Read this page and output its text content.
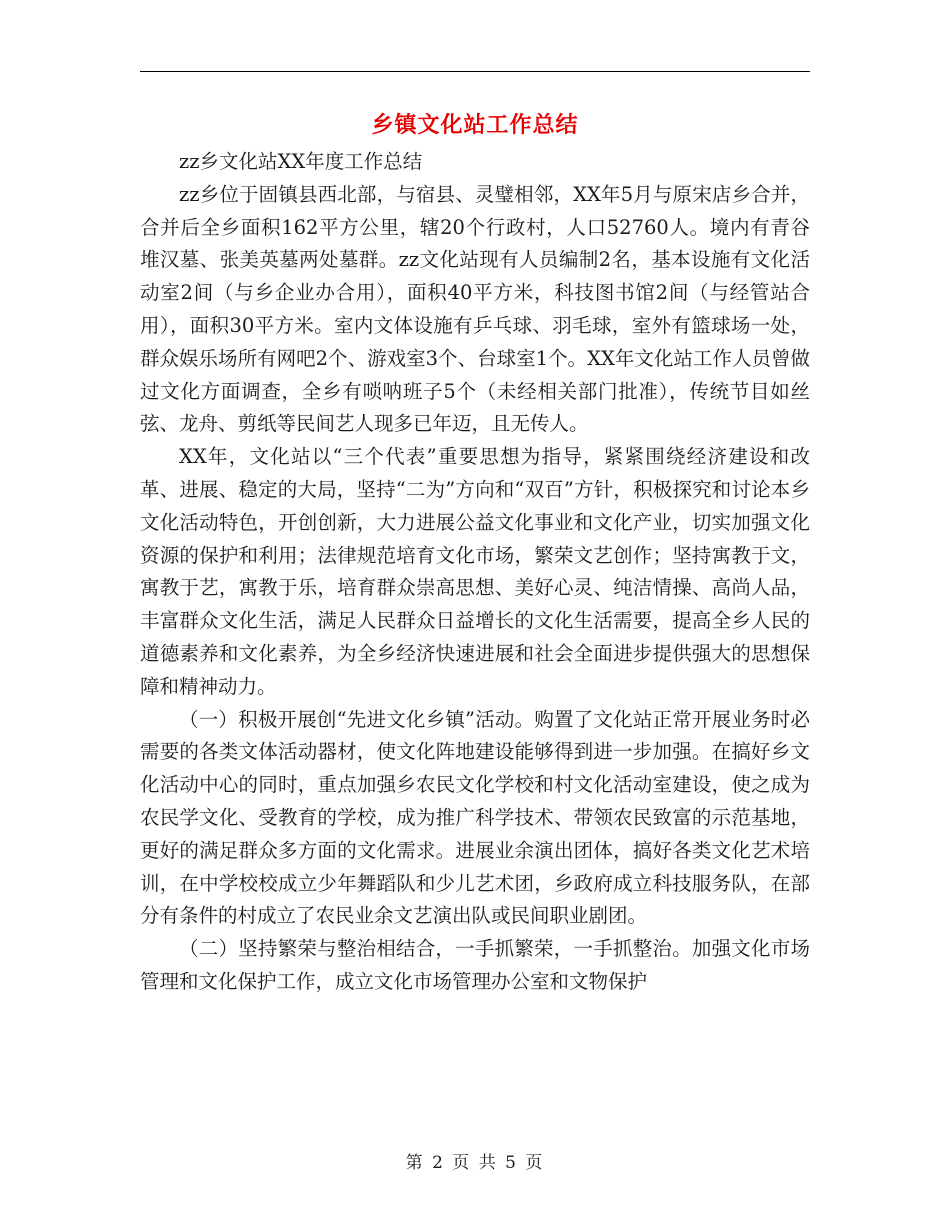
乡镇文化站工作总结

zz乡文化站XX年度工作总结

zz乡位于固镇县西北部，与宿县、灵璧相邻，XX年5月与原宋店乡合并，合并后全乡面积162平方公里，辖20个行政村，人口52760人。境内有青谷堆汉墓、张美英墓两处墓群。zz文化站现有人员编制2名，基本设施有文化活动室2间（与乡企业办合用），面积40平方米，科技图书馆2间（与经管站合用），面积30平方米。室内文体设施有乒乓球、羽毛球，室外有篮球场一处，群众娱乐场所有网吧2个、游戏室3个、台球室1个。XX年文化站工作人员曾做过文化方面调查，全乡有唢呐班子5个（未经相关部门批准），传统节目如丝弦、龙舟、剪纸等民间艺人现多已年迈，且无传人。

XX年，文化站以“三个代表”重要思想为指导，紧紧围绕经济建设和改革、进展、稳定的大局，坚持“二为”方向和“双百”方针，积极探究和讨论本乡文化活动特色，开创创新，大力进展公益文化事业和文化产业，切实加强文化资源的保护和利用；法律规范培育文化市场，繁荣文艺创作；坚持寓教于文，寓教于艺，寓教于乐，培育群众崇高思想、美好心灵、纯洁情操、高尚人品，丰富群众文化生活，满足人民群众日益增长的文化生活需要，提高全乡人民的道德素养和文化素养，为全乡经济快速进展和社会全面进步提供强大的思想保障和精神动力。

（一）积极开展创“先进文化乡镇”活动。购置了文化站正常开展业务时必需要的各类文体活动器材，使文化阵地建设能够得到进一步加强。在搞好乡文化活动中心的同时，重点加强乡农民文化学校和村文化活动室建设，使之成为农民学文化、受教育的学校，成为推广科学技术、带领农民致富的示范基地，更好的满足群众多方面的文化需求。进展业余演出团体，搞好各类文化艺术培训，在中学校校成立少年舞蹈队和少儿艺术团，乡政府成立科技服务队，在部分有条件的村成立了农民业余文艺演出队或民间职业剧团。

（二）坚持繁荣与整治相结合，一手抓繁荣，一手抓整治。加强文化市场管理和文化保护工作，成立文化市场管理办公室和文物保护

第 2 页 共 5 页
